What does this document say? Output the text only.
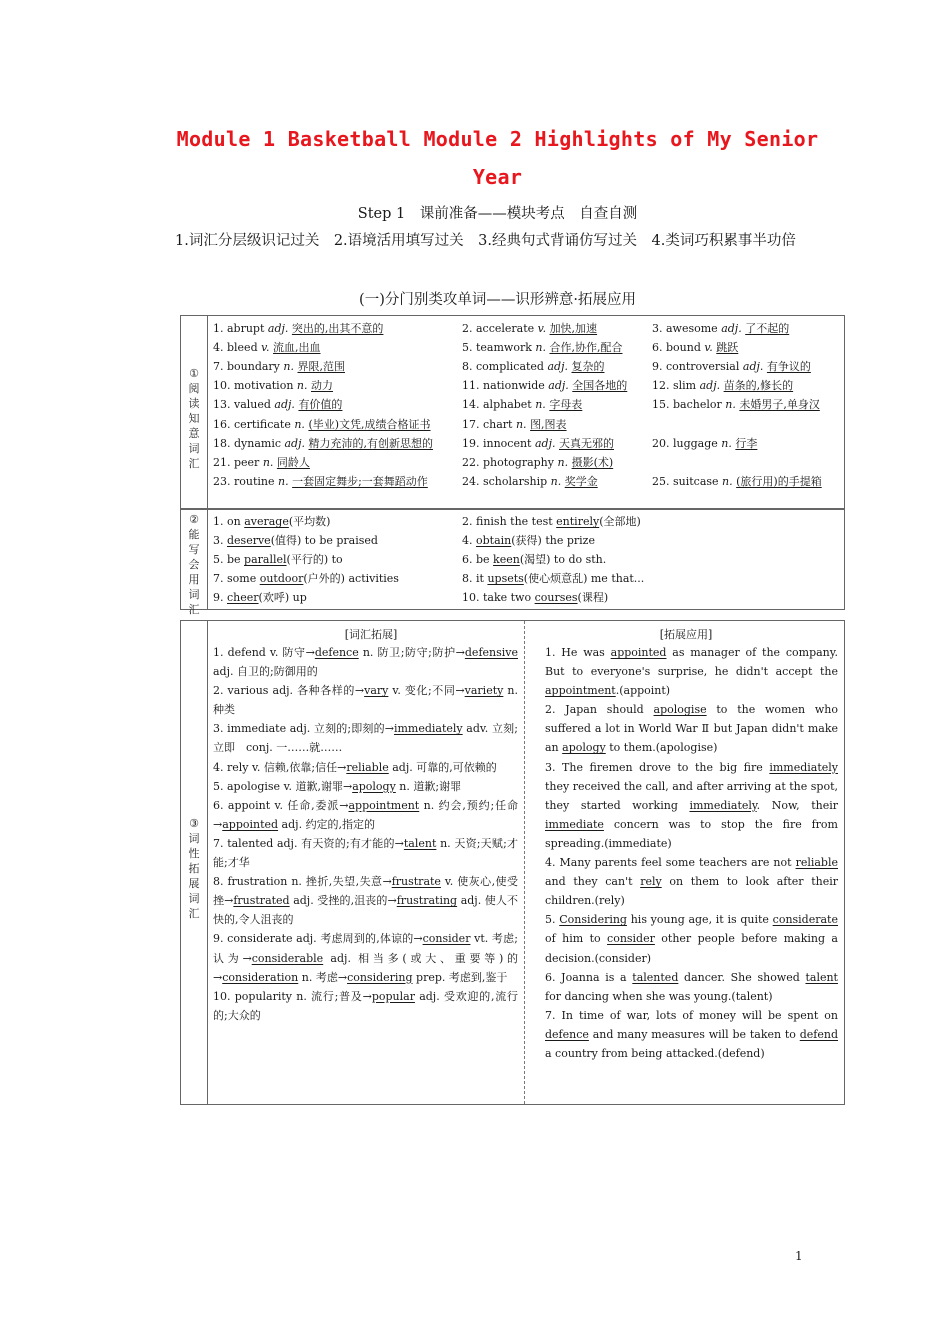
Module 1 Basketball Module 2 Highlights of My Senior
Year
Step 1　课前准备——模块考点　自查自测
1.词汇分层级识记过关　2.语境活用填写过关　3.经典句式背诵仿写过关　4.类词巧积累事半功倍
(一)分门别类攻单词——识形辨意·拓展应用
①
阅
读
知
意
词
汇
1. abrupt adj. 突出的,出其不意的	2. accelerate v. 加快,加速	3. awesome adj. 了不起的
4. bleed v. 流血,出血	5. teamwork n. 合作,协作,配合	6. bound v. 跳跃
7. boundary n. 界限,范围	8. complicated adj. 复杂的	9. controversial adj. 有争议的
10. motivation n. 动力	11. nationwide adj. 全国各地的 12. slim adj. 苗条的,修长的
13. valued adj. 有价值的	14. alphabet n. 字母表	15. bachelor n. 未婚男子,单身汉
16. certificate n. (毕业)文凭,成绩合格证书	17. chart n. 图,图表
18. dynamic adj. 精力充沛的,有创新思想的	19. innocent adj. 天真无邪的	20. luggage n. 行李
21. peer n. 同龄人	22. photography n. 摄影(术)
23. routine n. 一套固定舞步;一套舞蹈动作	24. scholarship n. 奖学金	25. suitcase n. (旅行用)的手提箱
②
能
写
会
用
词
汇
1. on average(平均数)	2. finish the test entirely(全部地)
3. deserve(值得) to be praised	4. obtain(获得) the prize
5. be parallel(平行的) to	6. be keen(渴望) to do sth.
7. some outdoor(户外的) activities	8. it upsets(使心烦意乱) me that...
9. cheer(欢呼) up	10. take two courses(课程)
③
词
性
拓
展
词
汇
[词汇拓展]	[拓展应用]

1. defend v. 防守→defence n. 防卫;防守;防护→defensive adj. 自卫的;防御用的

2. various adj. 各种各样的→vary v. 变化;不同→variety n. 种类

3. immediate adj. 立刻的;即刻的→immediately adv. 立刻;立即　conj. 一……就……

4. rely v. 信赖,依靠;信任→reliable adj. 可靠的,可依赖的

5. apologise v. 道歉,谢罪→apology n. 道歉;谢罪

6. appoint v. 任命,委派→appointment n. 约会,预约;任命→appointed adj. 约定的,指定的

7. talented adj. 有天资的;有才能的→talent n. 天资;天赋;才能;才华

8. frustration n. 挫折,失望,失意→frustrate v. 使灰心,使受挫→frustrated adj. 受挫的,沮丧的→frustrating adj. 使人不快的,令人沮丧的

9. considerate adj. 考虑周到的,体谅的→consider vt. 考虑;认为→considerable adj. 相当多(或大、重要等)的→consideration n. 考虑→considering prep. 考虑到,鉴于

10. popularity n. 流行;普及→popular adj. 受欢迎的,流行的;大众的

1. He was appointed as manager of the company. But to everyone's surprise, he didn't accept the appointment.(appoint)

2. Japan should apologise to the women who suffered a lot in World War Ⅱ but Japan didn't make an apology to them.(apologise)

3. The firemen drove to the big fire immediately they received the call, and after arriving at the spot, they started working immediately. Now, their immediate concern was to stop the fire from spreading.(immediate)

4. Many parents feel some teachers are not reliable and they can't rely on them to look after their children.(rely)

5. Considering his young age, it is quite considerate of him to consider other people before making a decision.(consider)

6. Joanna is a talented dancer. She showed talent for dancing when she was young.(talent)

7. In time of war, lots of money will be spent on defence and many measures will be taken to defend a country from being attacked.(defend)

1
